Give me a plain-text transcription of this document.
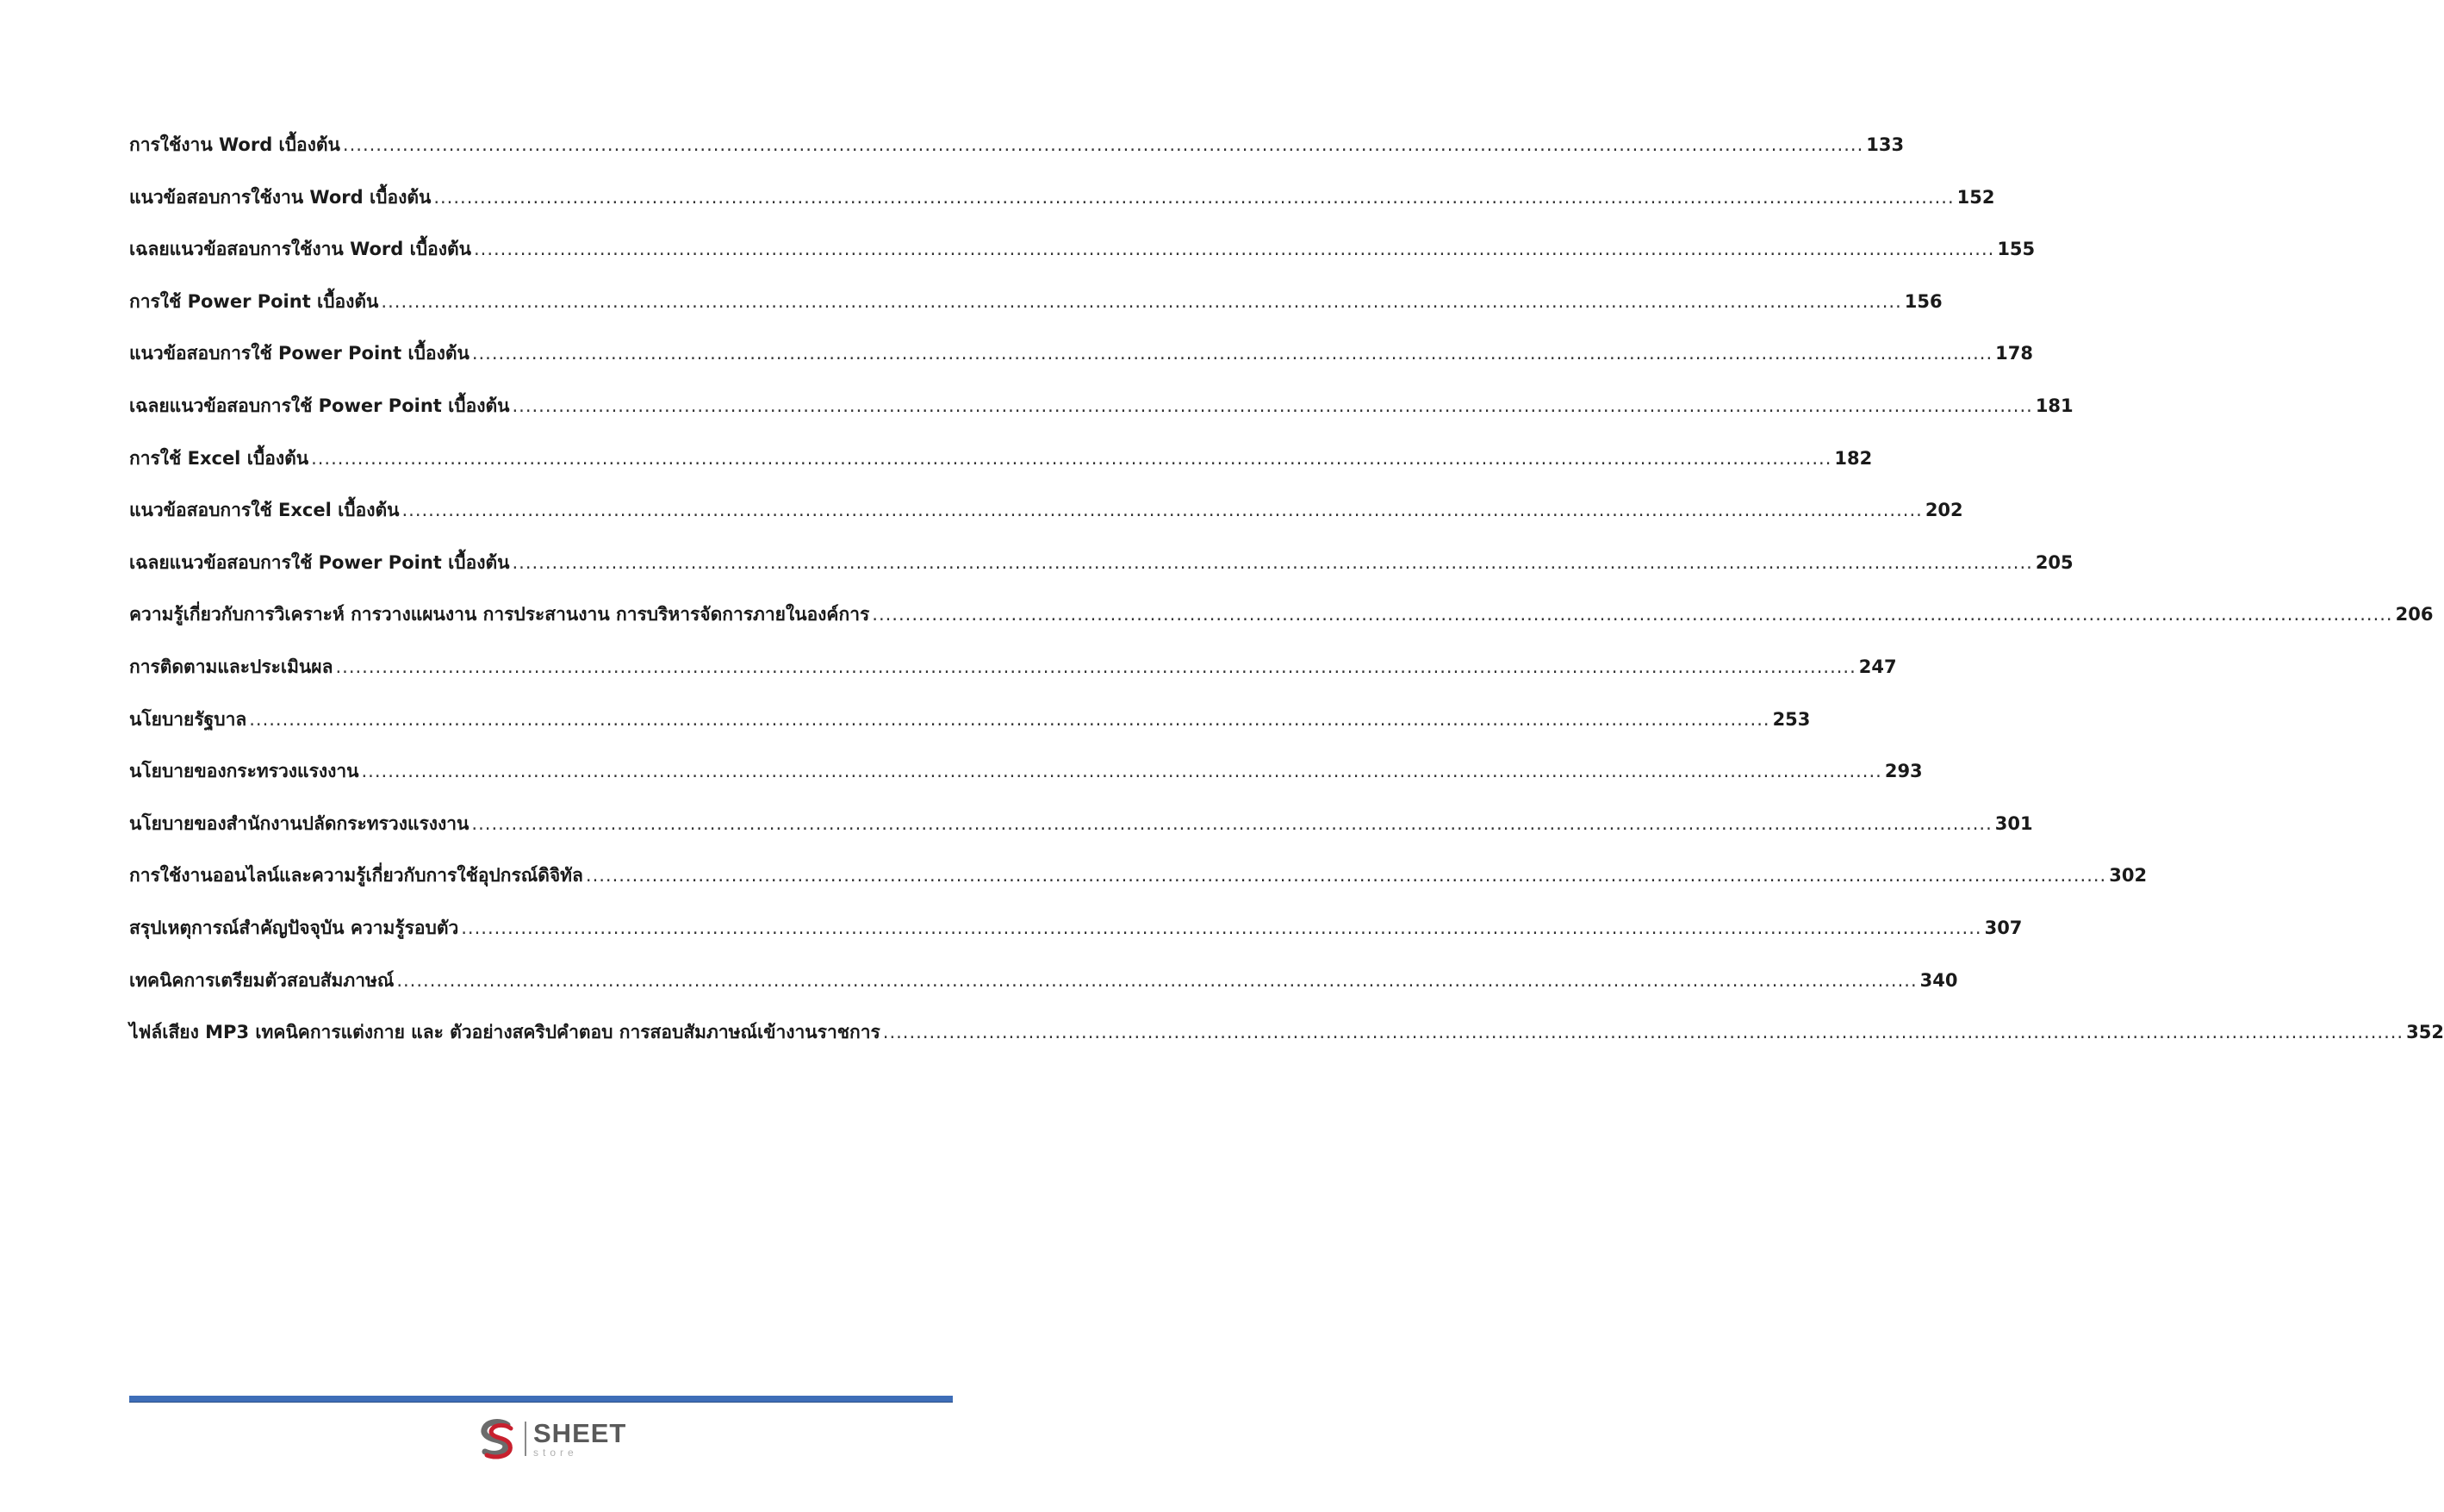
การใช้งาน Word เบื้องต้น .....	133
แนวข้อสอบการใช้งาน Word เบื้องต้น .....	152
เฉลยแนวข้อสอบการใช้งาน Word เบื้องต้น .....	155
การใช้ Power Point เบื้องต้น .....	156
แนวข้อสอบการใช้ Power Point เบื้องต้น .....	178
เฉลยแนวข้อสอบการใช้ Power Point เบื้องต้น .....	181
การใช้ Excel เบื้องต้น .....	182
แนวข้อสอบการใช้ Excel เบื้องต้น .....	202
เฉลยแนวข้อสอบการใช้ Power Point เบื้องต้น .....	205
ความรู้เกี่ยวกับการวิเคราะห์ การวางแผนงาน การประสานงาน การบริหารจัดการภายในองค์การ .....	206
การติดตามและประเมินผล .....	247
นโยบายรัฐบาล .....	253
นโยบายของกระทรวงแรงงาน .....	293
นโยบายของสำนักงานปลัดกระทรวงแรงงาน .....	301
การใช้งานออนไลน์และความรู้เกี่ยวกับการใช้อุปกรณ์ดิจิทัล .....	302
สรุปเหตุการณ์สำคัญปัจจุบัน ความรู้รอบตัว .....	307
เทคนิคการเตรียมตัวสอบสัมภาษณ์ .....	340
ไฟล์เสียง MP3 เทคนิคการแต่งกาย และ ตัวอย่างสคริปคำตอบ การสอบสัมภาษณ์เข้างานราชการ .....	352
SHEET
store
